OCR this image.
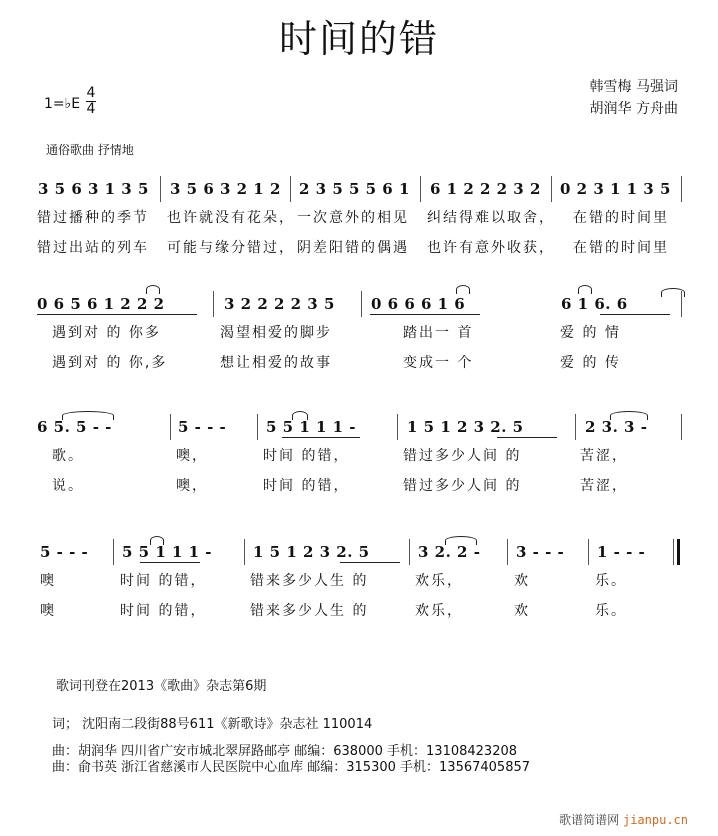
时间的错
1=♭E
4
4
韩雪梅 马强词
胡润华 方舟曲
通俗歌曲 抒情地
3 5 6 3 1 3 5 3 5 6 3 2 1 2 2 3 5 5 5 6 1 6 1 2 2 2 3 2 0 2 3 1 1 3 5
错过播种的季节 也许就没有花朵， 一次意外的相见 纠结得难以取舍， 在错的时间里
错过出站的列车 可能与缘分错过， 阴差阳错的偶遇 也许有意外收获， 在错的时间里
0 6 5 6 1 2 2 2	3 2 2 2 2 3 5 0 6 6 6 1 6	6 1 6. 6
遇到对 的 你多	渴望相爱的脚步	踏出一 首	爱 的 情
遇到对 的 你,多	想让相爱的故事	变成一 个	爱 的 传
6 5. 5 - -	5 - - -	5 5 1 1 1 -	1 5 1 2 3 2. 5	2 3. 3 -
歌。	噢，	时间 的错，	错过多少人间 的	苦涩，
说。	噢，	时间 的错，	错过多少人间 的	苦涩，
5 - - - 5 5 1 1 1 -	1 5 1 2 3 2. 5	3 2. 2 - 3 - - - 1 - - -
噢	时间 的错，	错来多少人生 的	欢乐，	欢	乐。
噢	时间 的错，	错来多少人生 的	欢乐，	欢	乐。
歌词刊登在2013《歌曲》杂志第6期
词； 沈阳南二段街88号611《新歌诗》杂志社 110014
曲：胡润华 四川省广安市城北翠屏路邮亭 邮编：638000 手机：13108423208
曲：俞书英 浙江省慈溪市人民医院中心血库 邮编：315300 手机：13567405857
歌谱简谱网 jianpu.cn
